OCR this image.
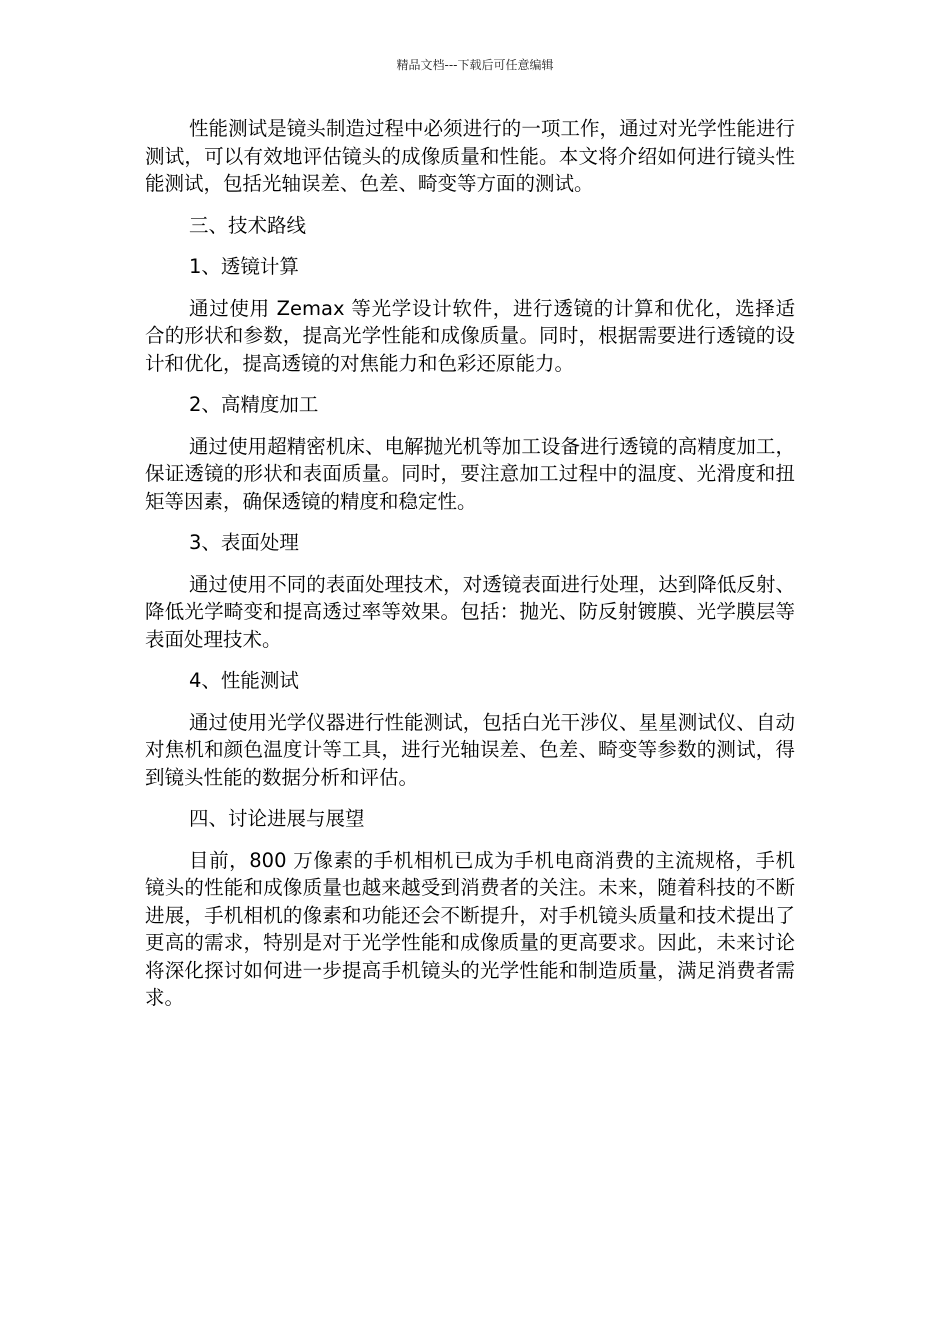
精品文档---下载后可任意编辑

性能测试是镜头制造过程中必须进行的一项工作，通过对光学性能进行测试，可以有效地评估镜头的成像质量和性能。本文将介绍如何进行镜头性能测试，包括光轴误差、色差、畸变等方面的测试。

三、技术路线
1、透镜计算

通过使用 Zemax 等光学设计软件，进行透镜的计算和优化，选择适合的形状和参数，提高光学性能和成像质量。同时，根据需要进行透镜的设计和优化，提高透镜的对焦能力和色彩还原能力。

2、高精度加工

通过使用超精密机床、电解抛光机等加工设备进行透镜的高精度加工，保证透镜的形状和表面质量。同时，要注意加工过程中的温度、光滑度和扭矩等因素，确保透镜的精度和稳定性。

3、表面处理

通过使用不同的表面处理技术，对透镜表面进行处理，达到降低反射、降低光学畸变和提高透过率等效果。包括：抛光、防反射镀膜、光学膜层等表面处理技术。

4、性能测试

通过使用光学仪器进行性能测试，包括白光干涉仪、星星测试仪、自动对焦机和颜色温度计等工具，进行光轴误差、色差、畸变等参数的测试，得到镜头性能的数据分析和评估。

四、讨论进展与展望

目前，800 万像素的手机相机已成为手机电商消费的主流规格，手机镜头的性能和成像质量也越来越受到消费者的关注。未来，随着科技的不断进展，手机相机的像素和功能还会不断提升，对手机镜头质量和技术提出了更高的需求，特别是对于光学性能和成像质量的更高要求。因此，未来讨论将深化探讨如何进一步提高手机镜头的光学性能和制造质量，满足消费者需求。
